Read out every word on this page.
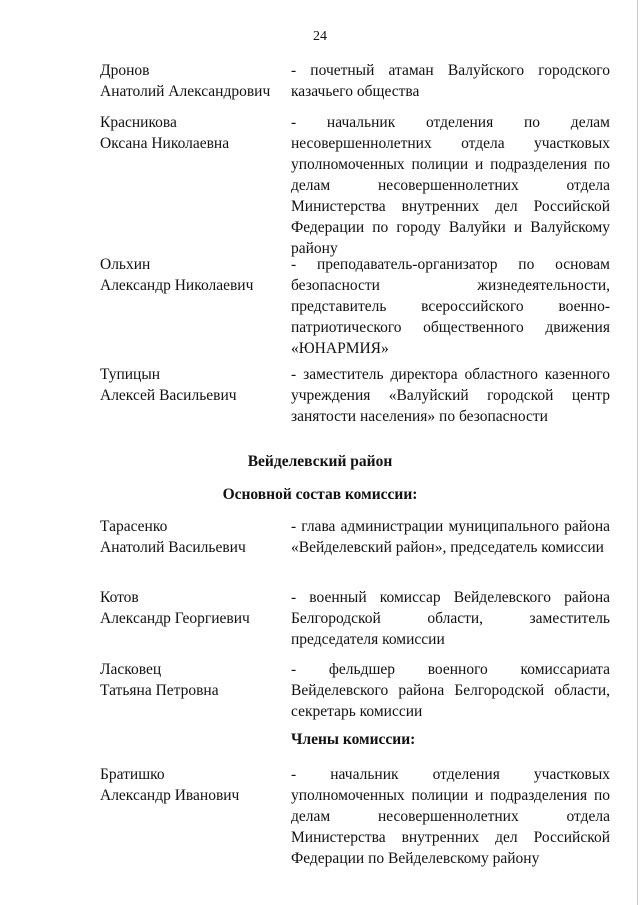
24
Дронов
Анатолий Александрович
- почетный атаман Валуйского городского казачьего общества
Красникова
Оксана Николаевна
- начальник отделения по делам несовершеннолетних отдела участковых уполномоченных полиции и подразделения по делам несовершеннолетних отдела Министерства внутренних дел Российской Федерации по городу Валуйки и Валуйскому району
Ольхин
Александр Николаевич
- преподаватель-организатор по основам безопасности жизнедеятельности, представитель всероссийского военно-патриотического общественного движения «ЮНАРМИЯ»
Тупицын
Алексей Васильевич
- заместитель директора областного казенного учреждения «Валуйский городской центр занятости населения» по безопасности
Вейделевский район
Основной состав комиссии:
Тарасенко
Анатолий Васильевич
- глава администрации муниципального района «Вейделевский район», председатель комиссии
Котов
Александр Георгиевич
- военный комиссар Вейделевского района Белгородской области, заместитель председателя комиссии
Ласковец
Татьяна Петровна
- фельдшер военного комиссариата Вейделевского района Белгородской области, секретарь комиссии
Члены комиссии:
Братишко
Александр Иванович
- начальник отделения участковых уполномоченных полиции и подразделения по делам несовершеннолетних отдела Министерства внутренних дел Российской Федерации по Вейделевскому району
